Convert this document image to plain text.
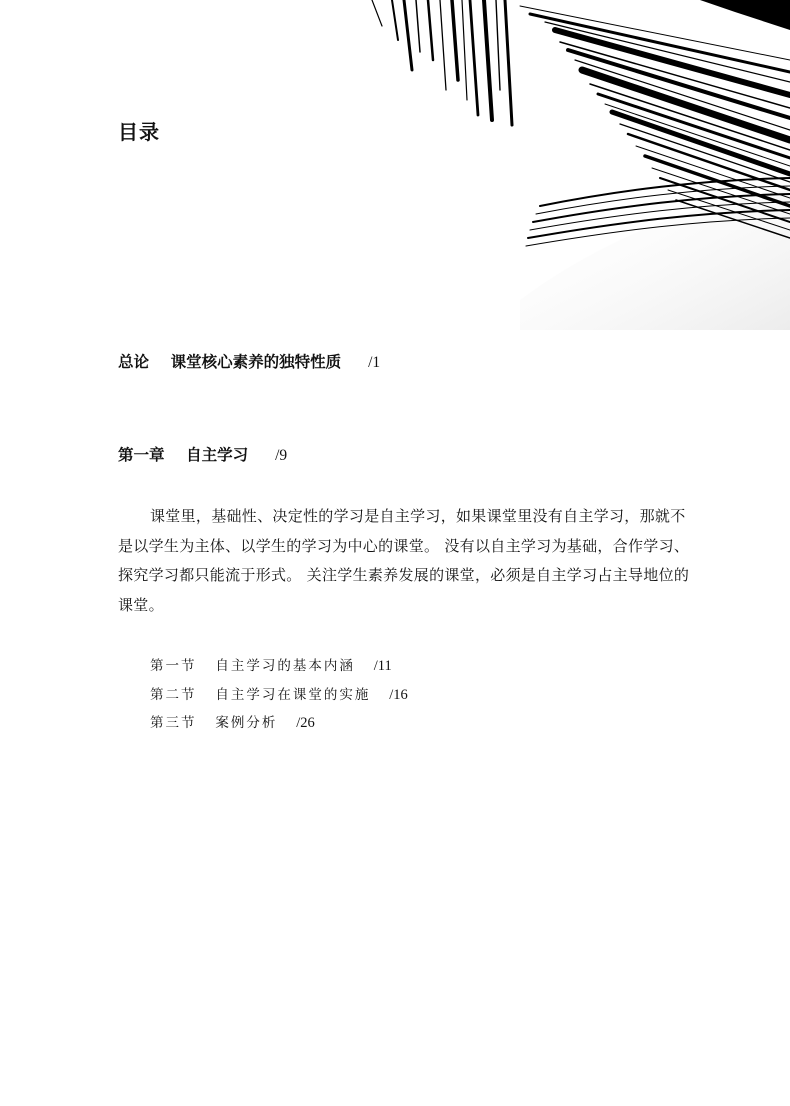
目录
总论 课堂核心素养的独特性质 /1
第一章 自主学习 /9
课堂里，基础性、决定性的学习是自主学习，如果课堂里没有自主学习，那就不是以学生为主体、以学生的学习为中心的课堂。 没有以自主学习为基础，合作学习、探究学习都只能流于形式。 关注学生素养发展的课堂，必须是自主学习占主导地位的课堂。
第一节 自主学习的基本内涵 /11
第二节 自主学习在课堂的实施 /16
第三节 案例分析 /26
